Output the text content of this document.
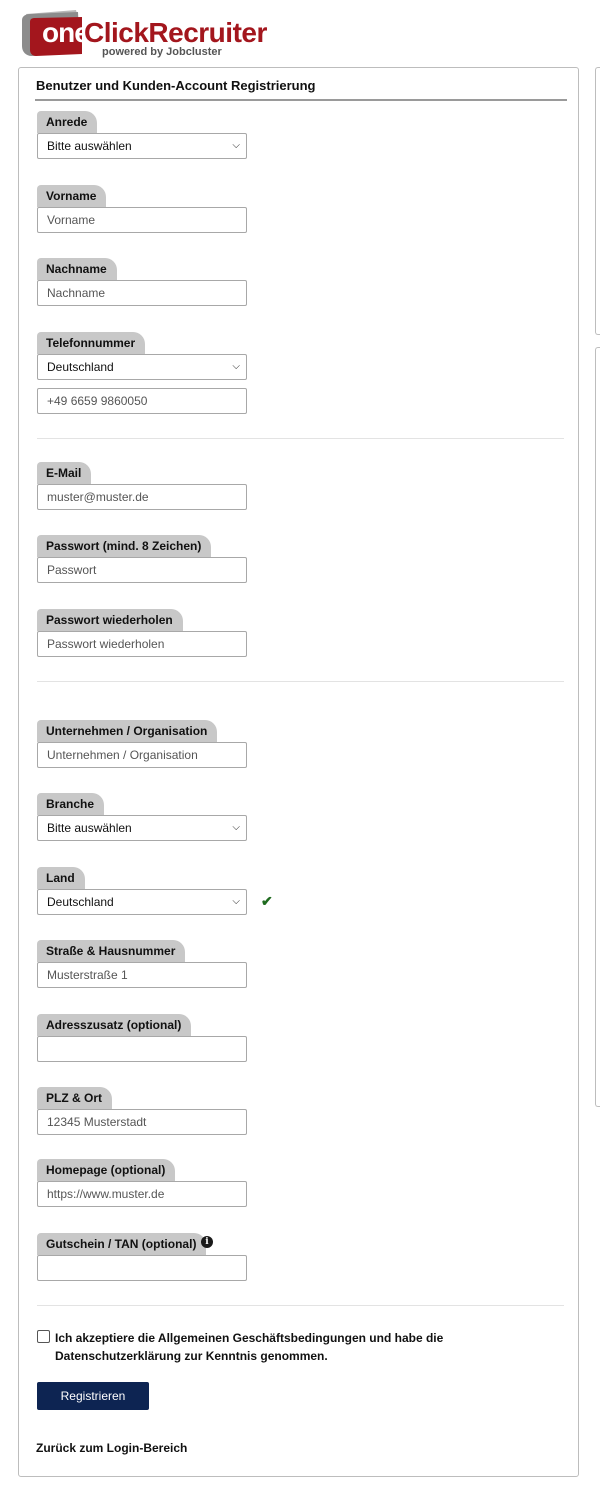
one
ClickRecruiter
powered by Jobcluster
Benutzer und Kunden-Account Registrierung
Anrede
Bitte auswählen	⌵
Vorname
Vorname
Nachname
Nachname
Telefonnummer
Deutschland	⌵
+49 6659 9860050
E-Mail
muster@muster.de
Passwort (mind. 8 Zeichen)
Passwort wiederholen
Unternehmen / Organisation
Unternehmen / Organisation
Branche
Bitte auswählen	⌵
Land
Deutschland	⌵ ✔
Straße & Hausnummer
Musterstraße 1
Adresszusatz (optional)
PLZ & Ort
12345 Musterstadt
Homepage (optional)
https://www.muster.de
Gutschein / TAN (optional) i
Ich akzeptiere die Allgemeinen Geschäftsbedingungen und habe die Datenschutzerklärung zur Kenntnis genommen.
Registrieren
Zurück zum Login-Bereich
